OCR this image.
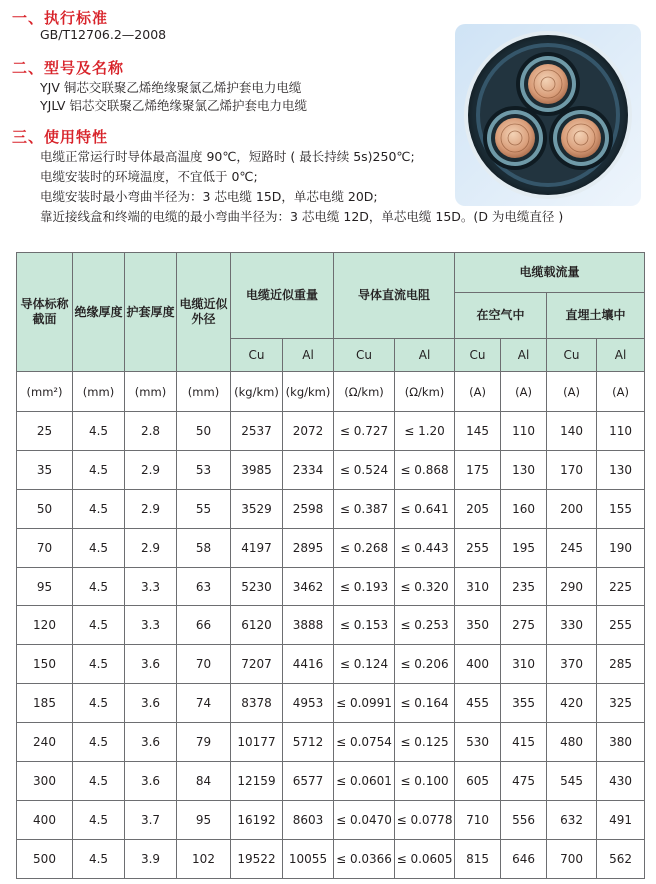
一、执行标准
GB/T12706.2—2008
二、型号及名称
YJV 铜芯交联聚乙烯绝缘聚氯乙烯护套电力电缆
YJLV 铝芯交联聚乙烯绝缘聚氯乙烯护套电力电缆
三、使用特性
电缆正常运行时导体最高温度 90℃，短路时 ( 最长持续 5s)250℃;
电缆安装时的环境温度，不宜低于 0℃;
电缆安装时最小弯曲半径为：3 芯电缆 15D，单芯电缆 20D;
靠近接线盒和终端的电缆的最小弯曲半径为：3 芯电缆 12D，单芯电缆 15D。(D 为电缆直径 )
导体标称截面	绝缘厚度	护套厚度	电缆近似外径	电缆近似重量		导体直流电阻		电缆载流量			
								在空气中		直埋土壤中	
				Cu	Al	Cu	Al	Cu	Al	Cu	Al
(mm²)	(mm)	(mm)	(mm)	(kg/km)	(kg/km)	(Ω/km)	(Ω/km)	(A)	(A)	(A)	(A)
25	4.5	2.8	50	2537	2072	≤ 0.727	≤ 1.20	145	110	140	110
35	4.5	2.9	53	3985	2334	≤ 0.524	≤ 0.868	175	130	170	130
50	4.5	2.9	55	3529	2598	≤ 0.387	≤ 0.641	205	160	200	155
70	4.5	2.9	58	4197	2895	≤ 0.268	≤ 0.443	255	195	245	190
95	4.5	3.3	63	5230	3462	≤ 0.193	≤ 0.320	310	235	290	225
120	4.5	3.3	66	6120	3888	≤ 0.153	≤ 0.253	350	275	330	255
150	4.5	3.6	70	7207	4416	≤ 0.124	≤ 0.206	400	310	370	285
185	4.5	3.6	74	8378	4953	≤ 0.0991	≤ 0.164	455	355	420	325
240	4.5	3.6	79	10177	5712	≤ 0.0754	≤ 0.125	530	415	480	380
300	4.5	3.6	84	12159	6577	≤ 0.0601	≤ 0.100	605	475	545	430
400	4.5	3.7	95	16192	8603	≤ 0.0470	≤ 0.0778	710	556	632	491
500	4.5	3.9	102	19522	10055	≤ 0.0366	≤ 0.0605	815	646	700	562
